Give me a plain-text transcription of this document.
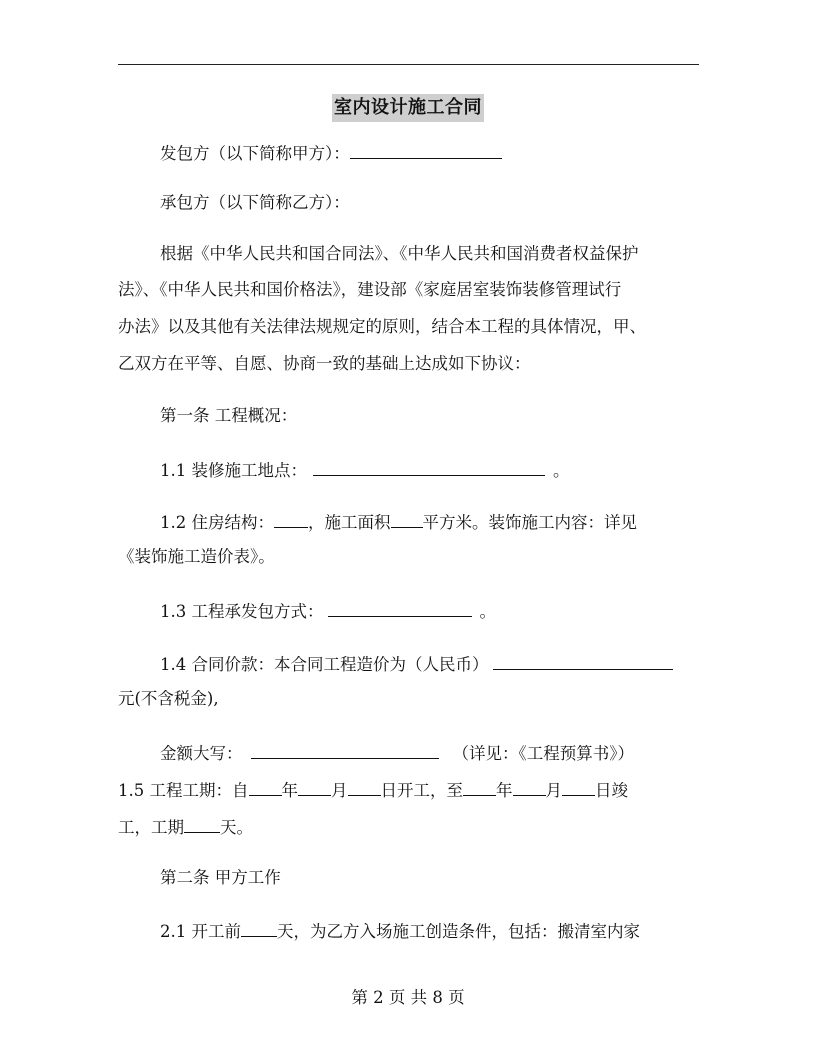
室内设计施工合同
发包方（以下简称甲方）：
承包方（以下简称乙方）：
根据《中华人民共和国合同法》、《中华人民共和国消费者权益保护
法》、《中华人民共和国价格法》，建设部《家庭居室装饰装修管理试行
办法》以及其他有关法律法规规定的原则，结合本工程的具体情况，甲、
乙双方在平等、自愿、协商一致的基础上达成如下协议：
第一条 工程概况：
1.1 装修施工地点：	。
1.2 住房结构： ，施工面积 平方米。装饰施工内容：详见
《装饰施工造价表》。
1.3 工程承发包方式：	。
1.4 合同价款：本合同工程造价为（人民币）
元(不含税金),
金额大写：	（详见：《工程预算书》）
1.5 工程工期：自 年 月 日开工，至 年 月 日竣
工，工期 天。
第二条 甲方工作
2.1 开工前 天，为乙方入场施工创造条件，包括：搬清室内家
第 2 页 共 8 页
